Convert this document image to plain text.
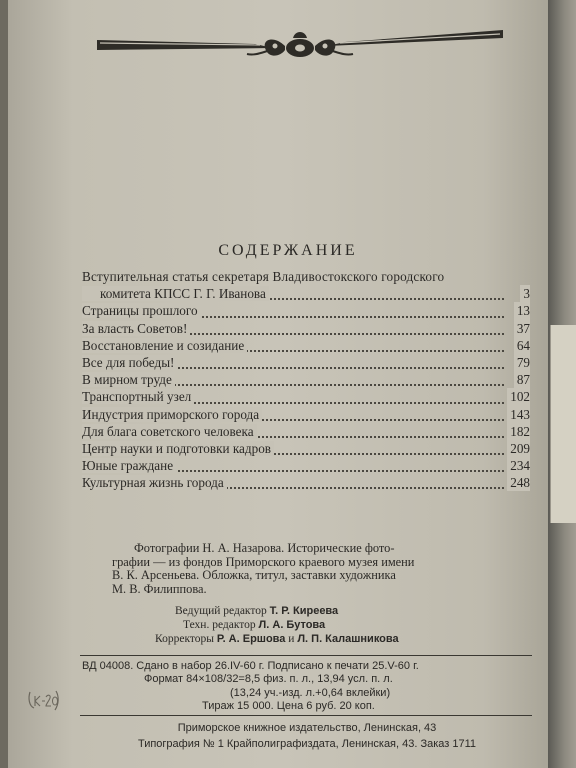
СОДЕРЖАНИЕ
Вступительная статья секретаря Владивостокского городского
комитета КПСС Г. Г. Иванова	3
Страницы прошлого	13
За власть Советов!	37
Восстановление и созидание	64
Все для победы!	79
В мирном труде	87
Транспортный узел	102
Индустрия приморского города	143
Для блага советского человека	182
Центр науки и подготовки кадров	209
Юные граждане	234
Культурная жизнь города	248
Фотографии Н. А. Назарова. Исторические фото-
графии — из фондов Приморского краевого музея имени
В. К. Арсеньева. Обложка, титул, заставки художника
М. В. Филиппова.
Ведущий редактор Т. Р. Киреева
Техн. редактор Л. А. Бутова
Корректоры Р. А. Ершова и Л. П. Калашникова
ВД 04008. Сдано в набор 26.IV-60 г. Подписано к печати 25.V-60 г.
Формат 84×108/32=8,5 физ. п. л., 13,94 усл. п. л.
(13,24 уч.-изд. л.+0,64 вклейки)
Тираж 15 000. Цена 6 руб. 20 коп.
Приморское книжное издательство, Ленинская, 43
Типография № 1 Крайполиграфиздата, Ленинская, 43. Заказ 1711
